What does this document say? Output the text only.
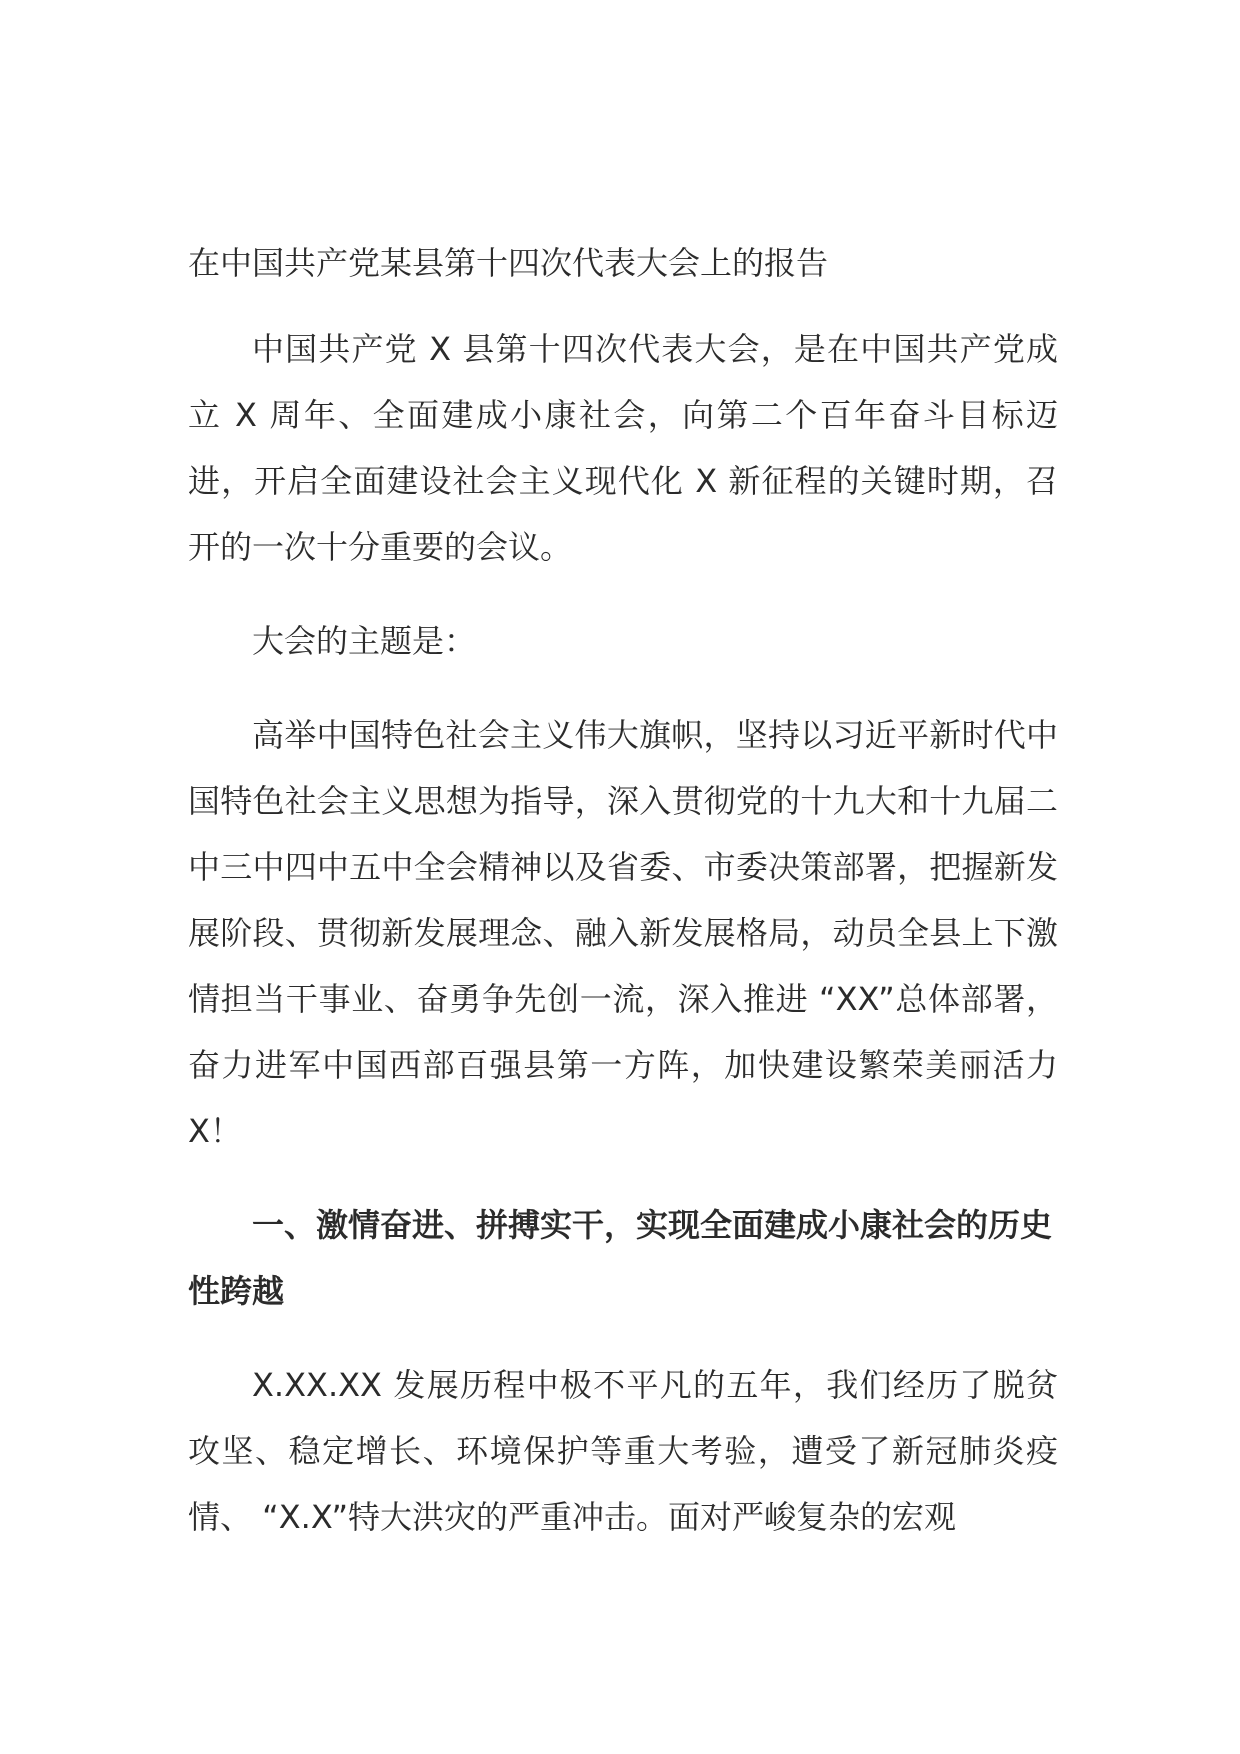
在中国共产党某县第十四次代表大会上的报告

中国共产党 X 县第十四次代表大会，是在中国共产党成立 X 周年、全面建成小康社会，向第二个百年奋斗目标迈进，开启全面建设社会主义现代化 X 新征程的关键时期，召开的一次十分重要的会议。

大会的主题是：

高举中国特色社会主义伟大旗帜，坚持以习近平新时代中国特色社会主义思想为指导，深入贯彻党的十九大和十九届二中三中四中五中全会精神以及省委、市委决策部署，把握新发展阶段、贯彻新发展理念、融入新发展格局，动员全县上下激情担当干事业、奋勇争先创一流，深入推进 “XX”总体部署，奋力进军中国西部百强县第一方阵，加快建设繁荣美丽活力 X！

一、激情奋进、拼搏实干，实现全面建成小康社会的历史性跨越

X.XX.XX 发展历程中极不平凡的五年，我们经历了脱贫攻坚、稳定增长、环境保护等重大考验，遭受了新冠肺炎疫情、 “X.X”特大洪灾的严重冲击。面对严峻复杂的宏观
